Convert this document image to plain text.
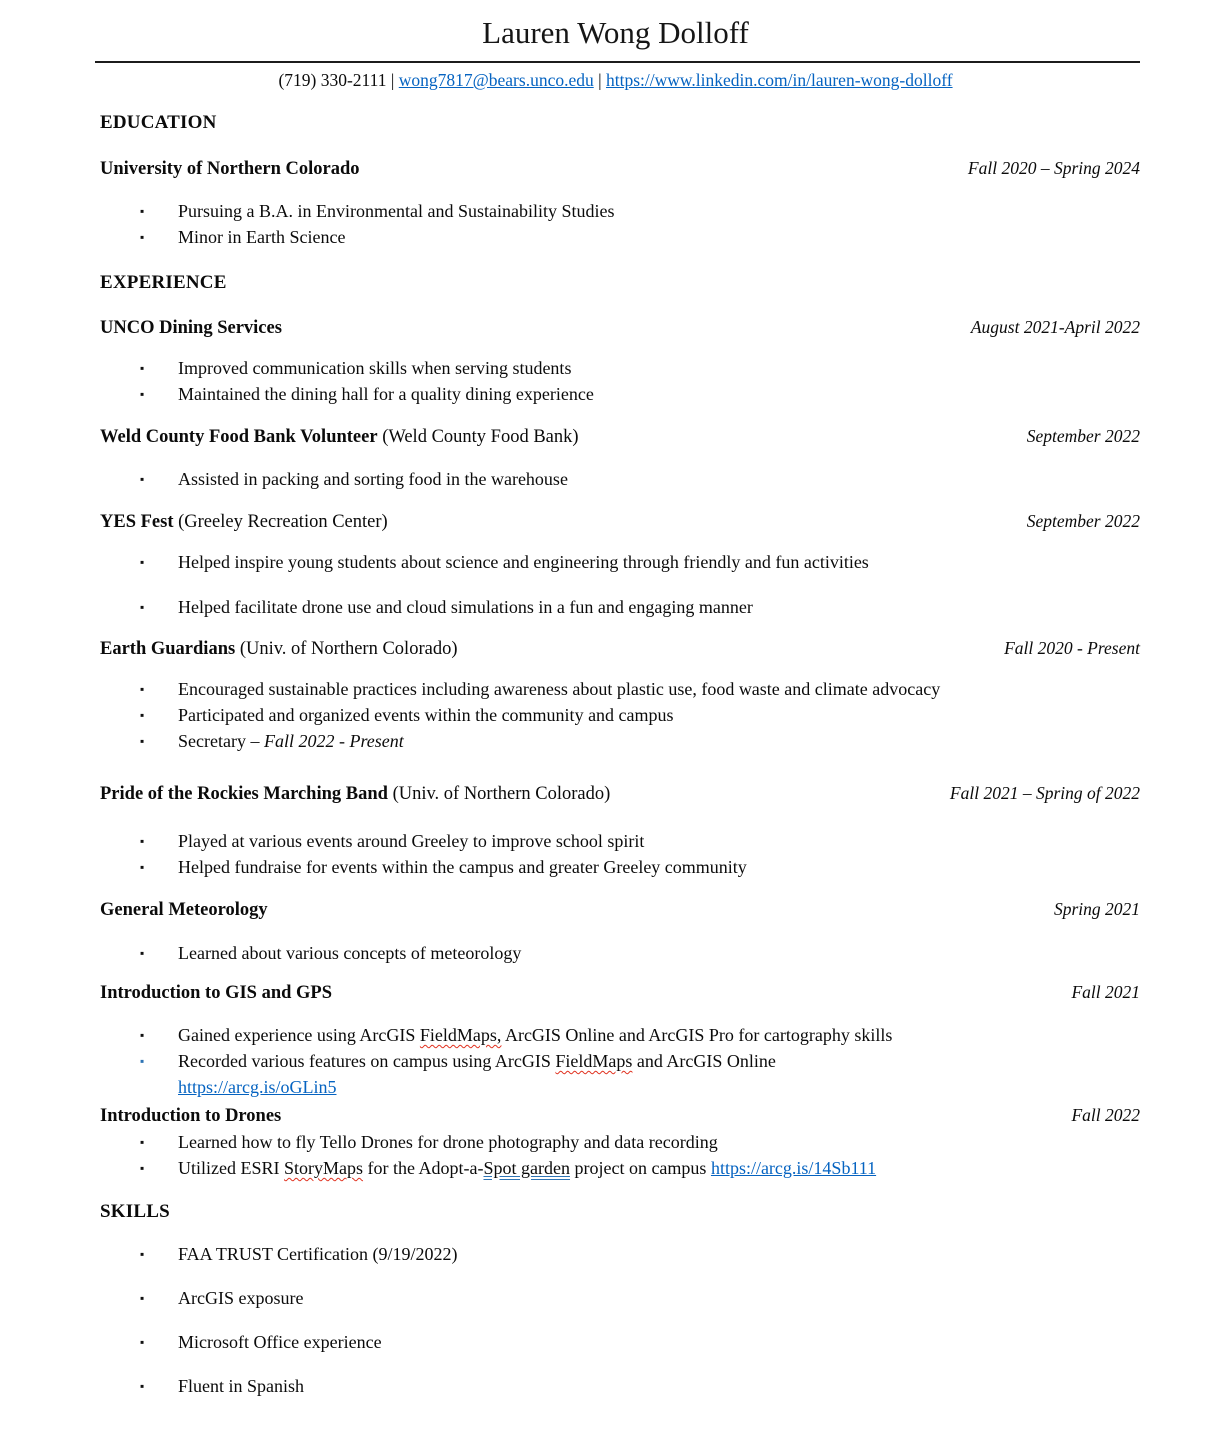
Lauren Wong Dolloff
(719) 330-2111 | wong7817@bears.unco.edu | https://www.linkedin.com/in/lauren-wong-dolloff
EDUCATION
University of Northern Colorado	Fall 2020 – Spring 2024
▪	Pursuing a B.A. in Environmental and Sustainability Studies
▪	Minor in Earth Science
EXPERIENCE
UNCO Dining Services	August 2021-April 2022
▪	Improved communication skills when serving students
▪	Maintained the dining hall for a quality dining experience
Weld County Food Bank Volunteer (Weld County Food Bank)	September 2022
▪	Assisted in packing and sorting food in the warehouse
YES Fest (Greeley Recreation Center)	September 2022
▪	Helped inspire young students about science and engineering through friendly and fun activities
▪	Helped facilitate drone use and cloud simulations in a fun and engaging manner
Earth Guardians (Univ. of Northern Colorado)	Fall 2020 - Present
▪	Encouraged sustainable practices including awareness about plastic use, food waste and climate advocacy
▪	Participated and organized events within the community and campus
▪	Secretary – Fall 2022 - Present
Pride of the Rockies Marching Band (Univ. of Northern Colorado)	Fall 2021 – Spring of 2022
▪	Played at various events around Greeley to improve school spirit
▪	Helped fundraise for events within the campus and greater Greeley community
General Meteorology	Spring 2021
▪	Learned about various concepts of meteorology
Introduction to GIS and GPS	Fall 2021
▪	Gained experience using ArcGIS FieldMaps, ArcGIS Online and ArcGIS Pro for cartography skills
▪	Recorded various features on campus using ArcGIS FieldMaps and ArcGIS Online
https://arcg.is/oGLin5
Introduction to Drones	Fall 2022
▪	Learned how to fly Tello Drones for drone photography and data recording
▪	Utilized ESRI StoryMaps for the Adopt-a-Spot garden project on campus https://arcg.is/14Sb111
SKILLS
▪	FAA TRUST Certification (9/19/2022)
▪	ArcGIS exposure
▪	Microsoft Office experience
▪	Fluent in Spanish
